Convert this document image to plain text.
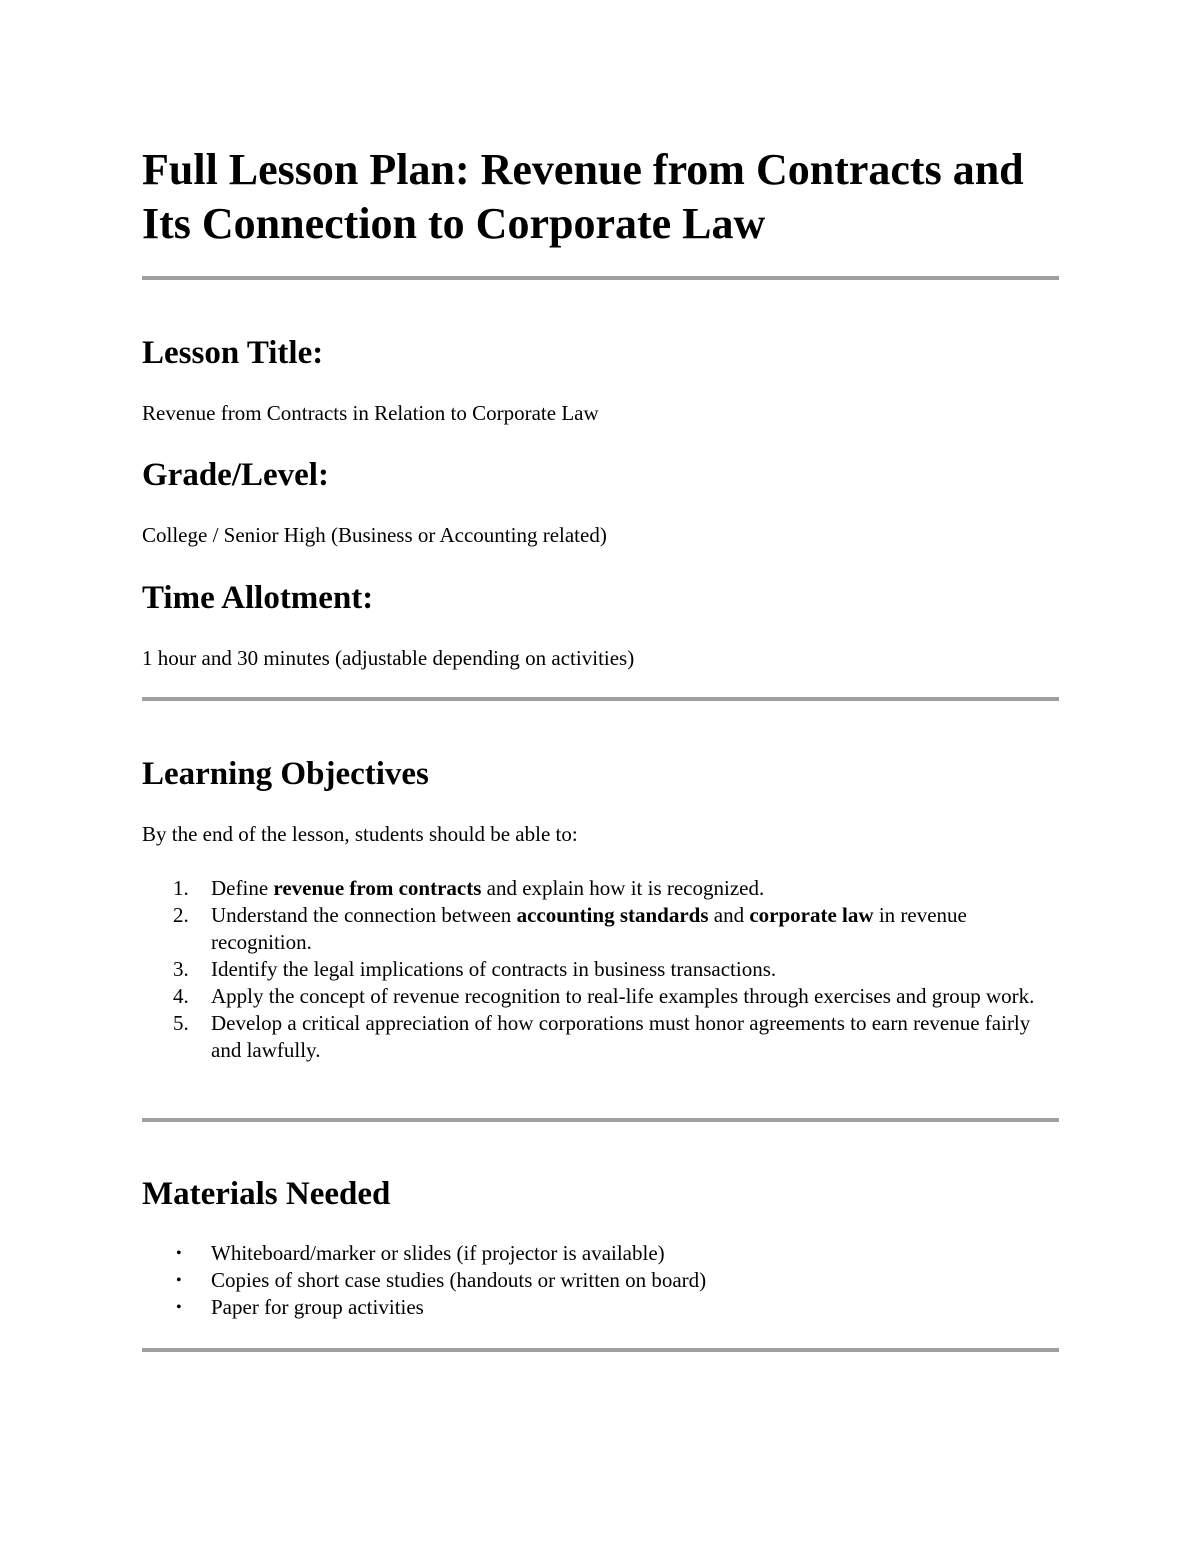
Full Lesson Plan: Revenue from Contracts and Its Connection to Corporate Law
Lesson Title:

Revenue from Contracts in Relation to Corporate Law

Grade/Level:

College / Senior High (Business or Accounting related)

Time Allotment:

1 hour and 30 minutes (adjustable depending on activities)

Learning Objectives

By the end of the lesson, students should be able to:

1. Define revenue from contracts and explain how it is recognized.
2. Understand the connection between accounting standards and corporate law in revenue recognition.
3. Identify the legal implications of contracts in business transactions.
4. Apply the concept of revenue recognition to real-life examples through exercises and group work.
5. Develop a critical appreciation of how corporations must honor agreements to earn revenue fairly and lawfully.
Materials Needed
•	Whiteboard/marker or slides (if projector is available)
•	Copies of short case studies (handouts or written on board)
•	Paper for group activities
